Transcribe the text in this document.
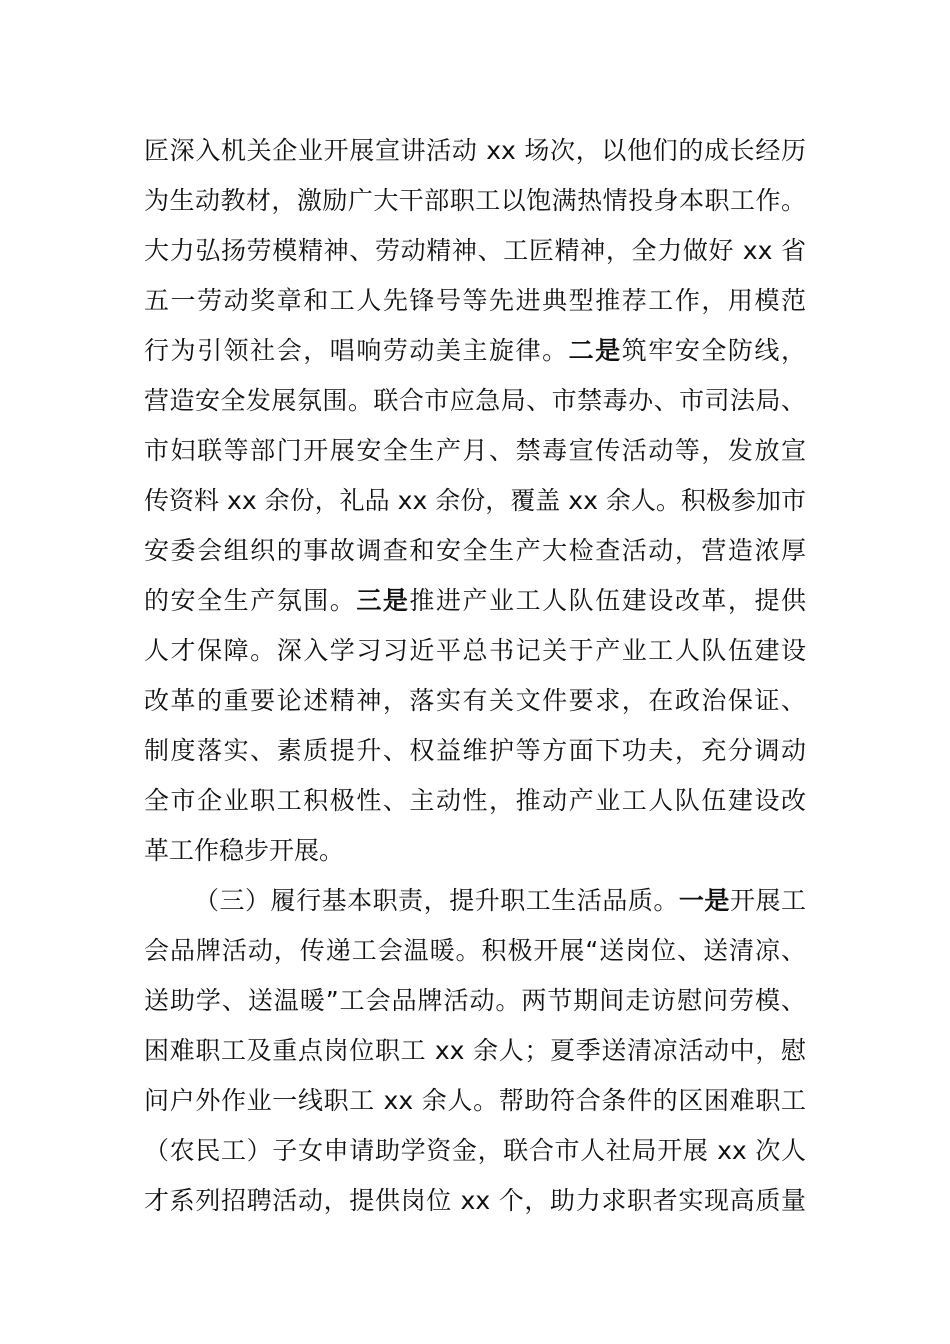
匠深入机关企业开展宣讲活动 xx 场次，以他们的成长经历
为生动教材，激励广大干部职工以饱满热情投身本职工作。
大力弘扬劳模精神、劳动精神、工匠精神，全力做好 xx 省
五一劳动奖章和工人先锋号等先进典型推荐工作，用模范
行为引领社会，唱响劳动美主旋律。二是筑牢安全防线，
营造安全发展氛围。联合市应急局、市禁毒办、市司法局、
市妇联等部门开展安全生产月、禁毒宣传活动等，发放宣
传资料 xx 余份，礼品 xx 余份，覆盖 xx 余人。积极参加市
安委会组织的事故调查和安全生产大检查活动，营造浓厚
的安全生产氛围。三是推进产业工人队伍建设改革，提供
人才保障。深入学习习近平总书记关于产业工人队伍建设
改革的重要论述精神，落实有关文件要求，在政治保证、
制度落实、素质提升、权益维护等方面下功夫，充分调动
全市企业职工积极性、主动性，推动产业工人队伍建设改
革工作稳步开展。
（三）履行基本职责，提升职工生活品质。一是开展工
会品牌活动，传递工会温暖。积极开展“送岗位、送清凉、
送助学、送温暖”工会品牌活动。两节期间走访慰问劳模、
困难职工及重点岗位职工 xx 余人；夏季送清凉活动中，慰
问户外作业一线职工 xx 余人。帮助符合条件的区困难职工
（农民工）子女申请助学资金，联合市人社局开展 xx 次人
才系列招聘活动，提供岗位 xx 个，助力求职者实现高质量
